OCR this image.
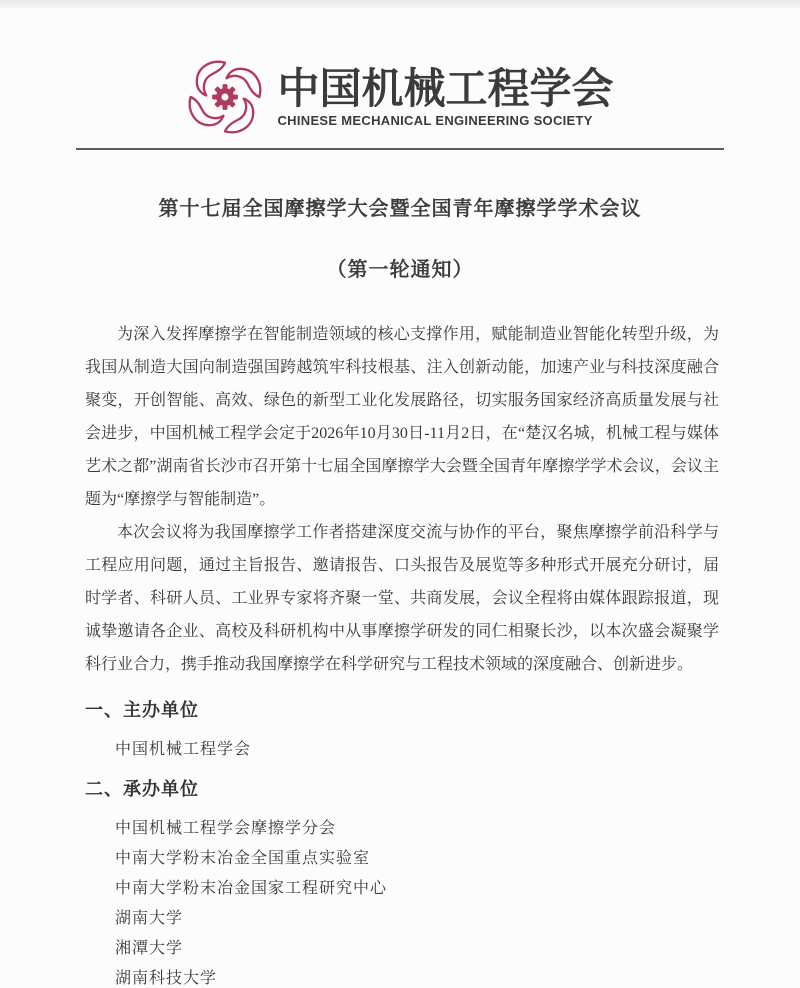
中国机械工程学会
CHINESE MECHANICAL ENGINEERING SOCIETY
第十七届全国摩擦学大会暨全国青年摩擦学学术会议
（第一轮通知）

为深入发挥摩擦学在智能制造领域的核心支撑作用，赋能制造业智能化转型升级，为我国从制造大国向制造强国跨越筑牢科技根基、注入创新动能，加速产业与科技深度融合聚变，开创智能、高效、绿色的新型工业化发展路径，切实服务国家经济高质量发展与社会进步，中国机械工程学会定于2026年10月30日-11月2日，在“楚汉名城，机械工程与媒体艺术之都”湖南省长沙市召开第十七届全国摩擦学大会暨全国青年摩擦学学术会议，会议主题为“摩擦学与智能制造”。

本次会议将为我国摩擦学工作者搭建深度交流与协作的平台，聚焦摩擦学前沿科学与工程应用问题，通过主旨报告、邀请报告、口头报告及展览等多种形式开展充分研讨，届时学者、科研人员、工业界专家将齐聚一堂、共商发展，会议全程将由媒体跟踪报道，现诚挚邀请各企业、高校及科研机构中从事摩擦学研发的同仁相聚长沙，以本次盛会凝聚学科行业合力，携手推动我国摩擦学在科学研究与工程技术领域的深度融合、创新进步。

一、主办单位
中国机械工程学会
二、承办单位
中国机械工程学会摩擦学分会
中南大学粉末冶金全国重点实验室
中南大学粉末冶金国家工程研究中心
湖南大学
湘潭大学
湖南科技大学
